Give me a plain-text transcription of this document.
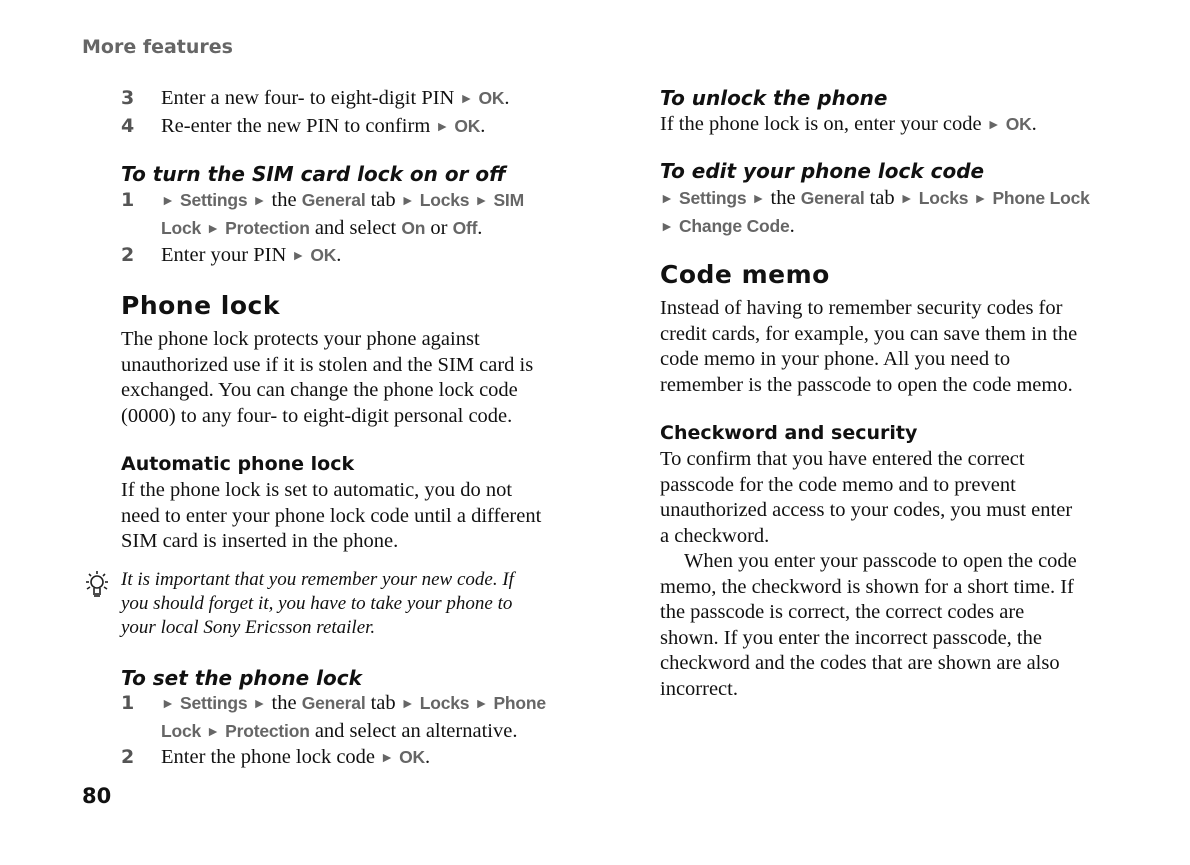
More features
3 Enter a new four- to eight-digit PIN ► OK.
4 Re-enter the new PIN to confirm ► OK.
To turn the SIM card lock on or off
1 ► Settings ► the General tab ► Locks ► SIM
Lock ► Protection and select On or Off.
2 Enter your PIN ► OK.
Phone lock
The phone lock protects your phone against
unauthorized use if it is stolen and the SIM card is
exchanged. You can change the phone lock code
(0000) to any four- to eight-digit personal code.
Automatic phone lock
If the phone lock is set to automatic, you do not
need to enter your phone lock code until a different
SIM card is inserted in the phone.
It is important that you remember your new code. If
you should forget it, you have to take your phone to
your local Sony Ericsson retailer.
To set the phone lock
1 ► Settings ► the General tab ► Locks ► Phone
Lock ► Protection and select an alternative.
2 Enter the phone lock code ► OK.
80
To unlock the phone
If the phone lock is on, enter your code ► OK.
To edit your phone lock code
► Settings ► the General tab ► Locks ► Phone Lock
► Change Code.
Code memo
Instead of having to remember security codes for
credit cards, for example, you can save them in the
code memo in your phone. All you need to
remember is the passcode to open the code memo.
Checkword and security
To confirm that you have entered the correct
passcode for the code memo and to prevent
unauthorized access to your codes, you must enter
a checkword.
When you enter your passcode to open the code
memo, the checkword is shown for a short time. If
the passcode is correct, the correct codes are
shown. If you enter the incorrect passcode, the
checkword and the codes that are shown are also
incorrect.
